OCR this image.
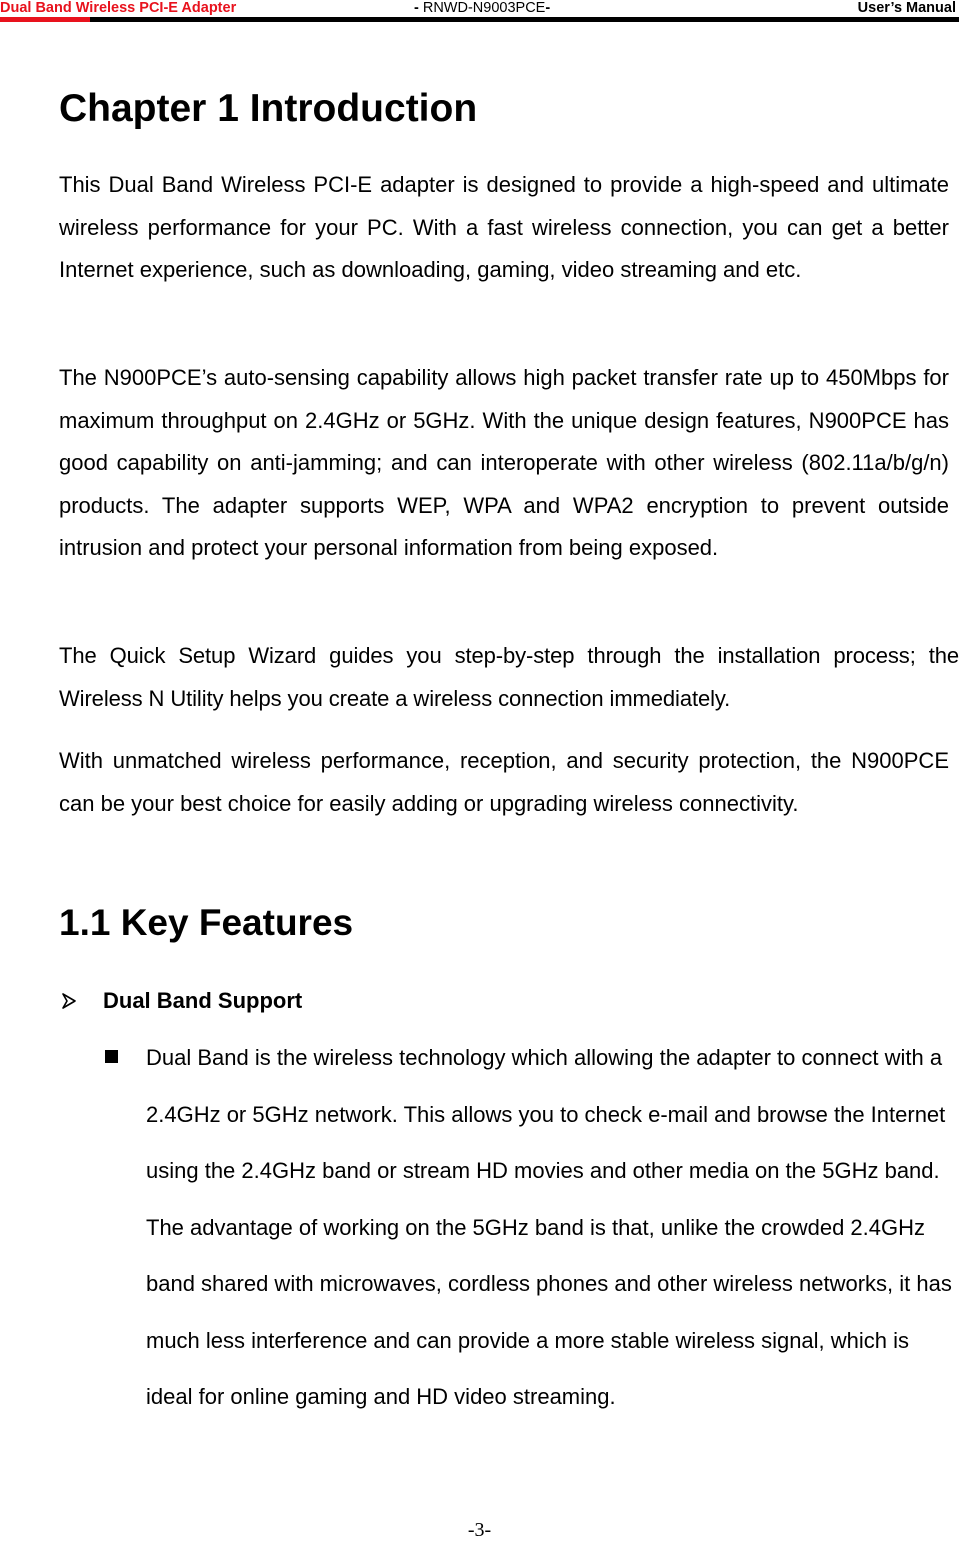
Dual Band Wireless PCI-E Adapter	- RNWD-N9003PCE-	User’s Manual
Chapter 1 Introduction

This Dual Band Wireless PCI-E adapter is designed to provide a high-speed and ultimate wireless performance for your PC. With a fast wireless connection, you can get a better Internet experience, such as downloading, gaming, video streaming and etc.

The N900PCE’s auto-sensing capability allows high packet transfer rate up to 450Mbps for maximum throughput on 2.4GHz or 5GHz. With the unique design features, N900PCE has good capability on anti-jamming; and can interoperate with other wireless (802.11a/b/g/n) products. The adapter supports WEP, WPA and WPA2 encryption to prevent outside intrusion and protect your personal information from being exposed.

The Quick Setup Wizard guides you step-by-step through the installation process; the Wireless N Utility helps you create a wireless connection immediately.

With unmatched wireless performance, reception, and security protection, the N900PCE can be your best choice for easily adding or upgrading wireless connectivity.

1.1 Key Features
Dual Band Support

Dual Band is the wireless technology which allowing the adapter to connect with a 2.4GHz or 5GHz network. This allows you to check e-mail and browse the Internet using the 2.4GHz band or stream HD movies and other media on the 5GHz band. The advantage of working on the 5GHz band is that, unlike the crowded 2.4GHz band shared with microwaves, cordless phones and other wireless networks, it has much less interference and can provide a more stable wireless signal, which is ideal for online gaming and HD video streaming.

-3-
